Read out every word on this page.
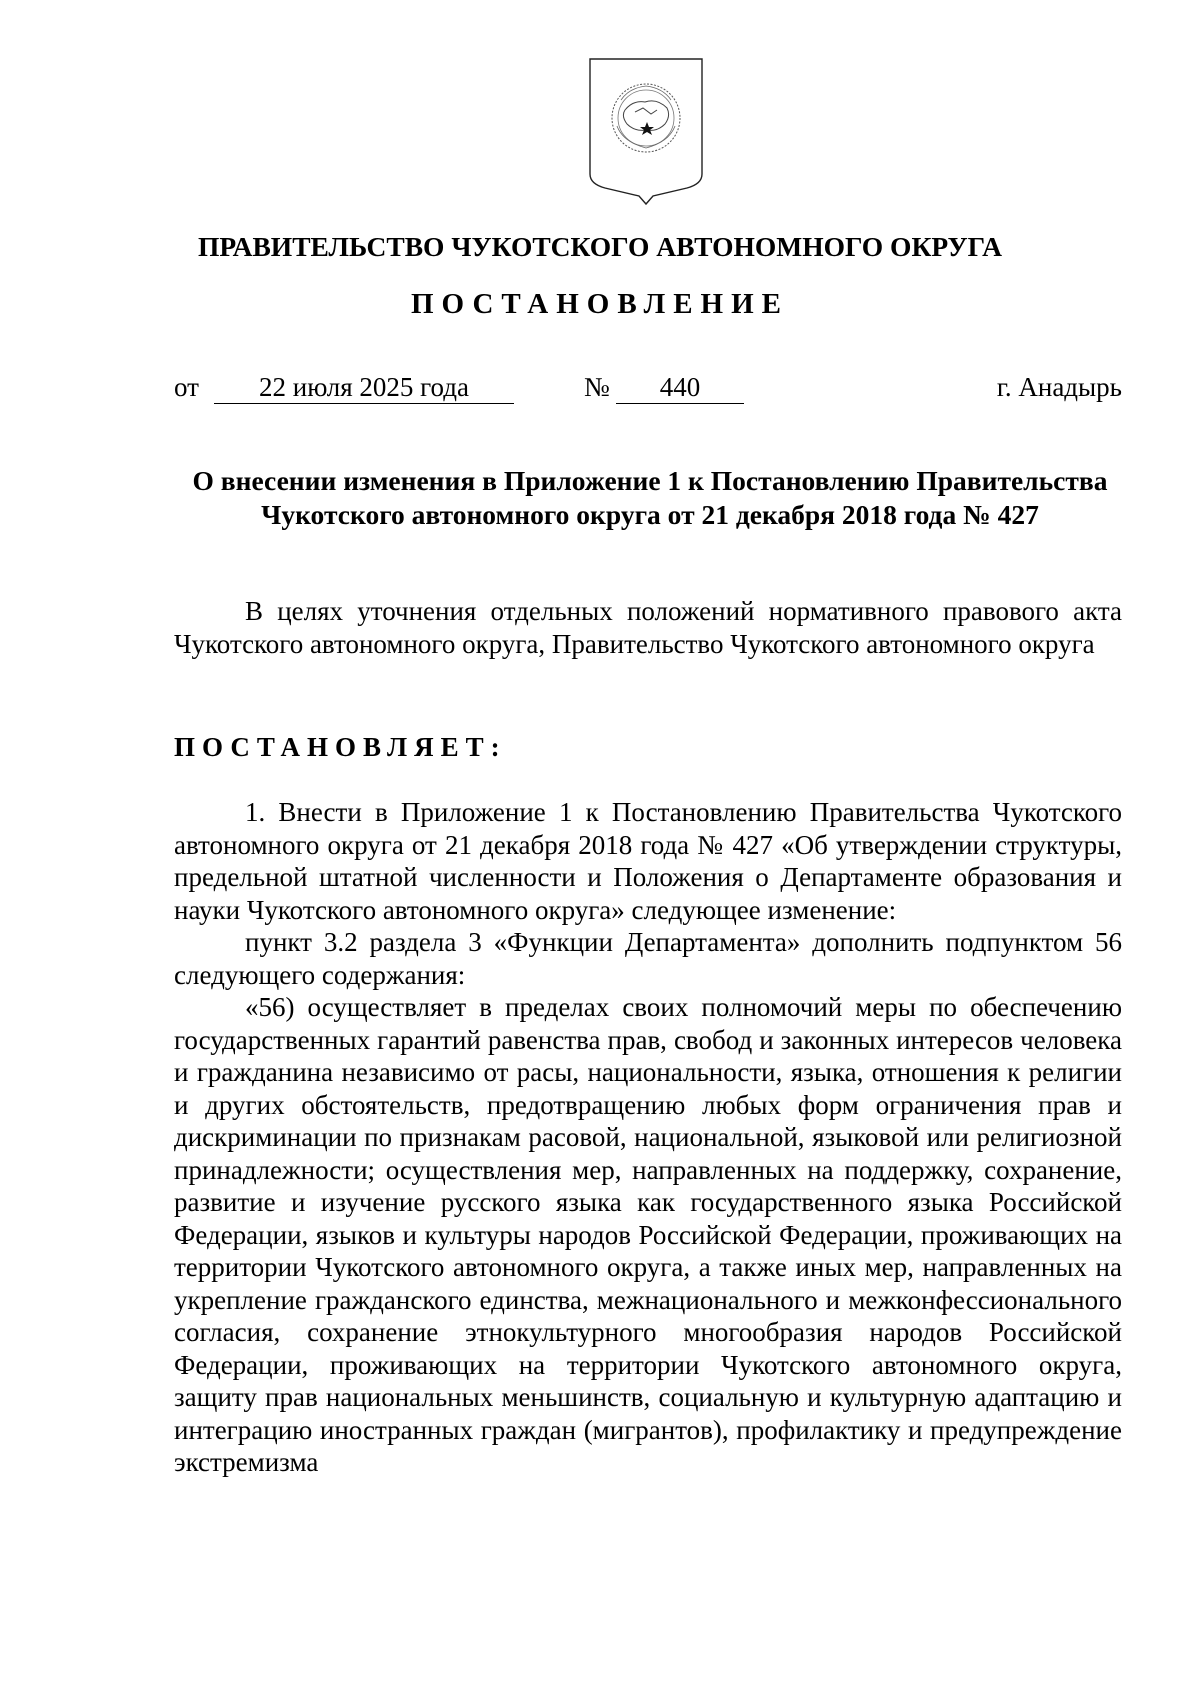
ПРАВИТЕЛЬСТВО ЧУКОТСКОГО АВТОНОМНОГО ОКРУГА
ПОСТАНОВЛЕНИЕ
от	22 июля 2025 года	№	440	г. Анадырь
О внесении изменения в Приложение 1 к Постановлению Правительства
Чукотского автономного округа от 21 декабря 2018 года № 427

В целях уточнения отдельных положений нормативного правового акта Чукотского автономного округа, Правительство Чукотского автономного округа

ПОСТАНОВЛЯЕТ:

1. Внести в Приложение 1 к Постановлению Правительства Чукотского автономного округа от 21 декабря 2018 года № 427 «Об утверждении структуры, предельной штатной численности и Положения о Департаменте образования и науки Чукотского автономного округа» следующее изменение:

пункт 3.2 раздела 3 «Функции Департамента» дополнить подпунктом 56 следующего содержания:

«56) осуществляет в пределах своих полномочий меры по обеспечению государственных гарантий равенства прав, свобод и законных интересов человека и гражданина независимо от расы, национальности, языка, отношения к религии и других обстоятельств, предотвращению любых форм ограничения прав и дискриминации по признакам расовой, национальной, языковой или религиозной принадлежности; осуществления мер, направленных на поддержку, сохранение, развитие и изучение русского языка как государственного языка Российской Федерации, языков и культуры народов Российской Федерации, проживающих на территории Чукотского автономного округа, а также иных мер, направленных на укрепление гражданского единства, межнационального и межконфессионального согласия, сохранение этнокультурного многообразия народов Российской Федерации, проживающих на территории Чукотского автономного округа, защиту прав национальных меньшинств, социальную и культурную адаптацию и интеграцию иностранных граждан (мигрантов), профилактику и предупреждение экстремизма
